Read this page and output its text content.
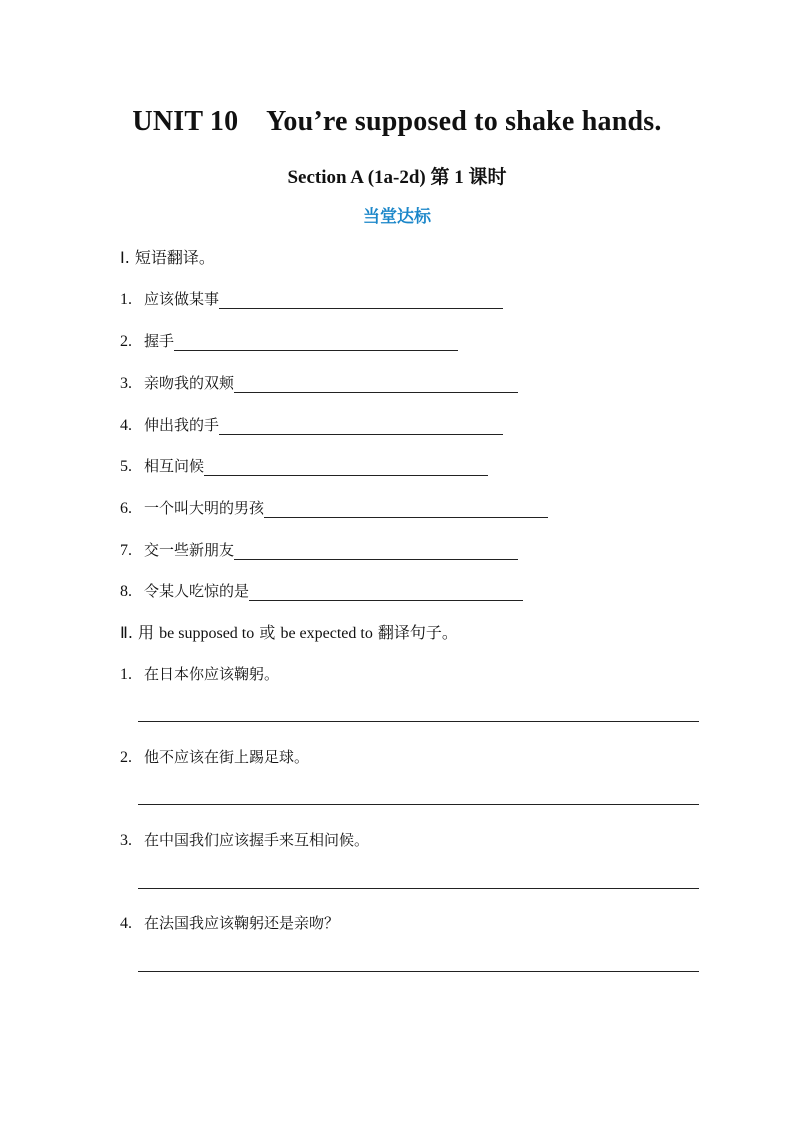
UNIT 10    You’re supposed to shake hands.
Section A (1a-2d) 第 1 课时
当堂达标
Ⅰ. 短语翻译。
1. 应该做某事
2. 握手
3. 亲吻我的双颊
4. 伸出我的手
5. 相互问候
6. 一个叫大明的男孩
7. 交一些新朋友
8. 令某人吃惊的是
Ⅱ. 用 be supposed to 或 be expected to 翻译句子。
1. 在日本你应该鞠躬。
2. 他不应该在街上踢足球。
3. 在中国我们应该握手来互相问候。
4. 在法国我应该鞠躬还是亲吻？
